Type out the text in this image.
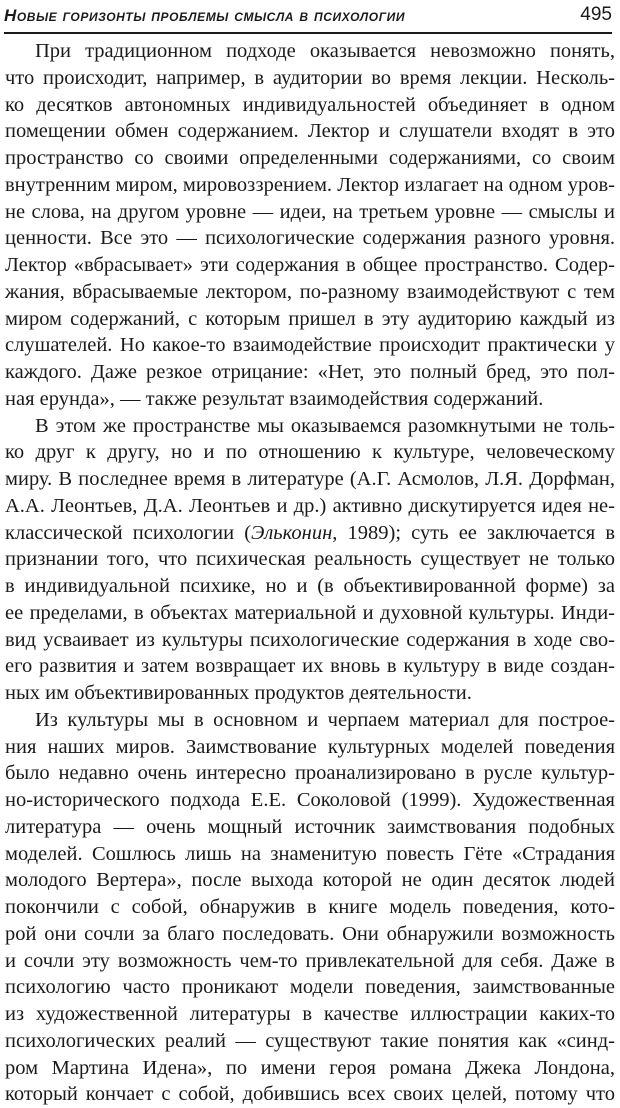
Новые горизонты проблемы смысла в психологии	495
При традиционном подходе оказывается невозможно понять,
что происходит, например, в аудитории во время лекции. Несколь-
ко десятков автономных индивидуальностей объединяет в одном
помещении обмен содержанием. Лектор и слушатели входят в это
пространство со своими определенными содержаниями, со своим
внутренним миром, мировоззрением. Лектор излагает на одном уров-
не слова, на другом уровне — идеи, на третьем уровне — смыслы и
ценности. Все это — психологические содержания разного уровня.
Лектор «вбрасывает» эти содержания в общее пространство. Содер-
жания, вбрасываемые лектором, по-разному взаимодействуют с тем
миром содержаний, с которым пришел в эту аудиторию каждый из
слушателей. Но какое-то взаимодействие происходит практически у
каждого. Даже резкое отрицание: «Нет, это полный бред, это пол-
ная ерунда», — также результат взаимодействия содержаний.
В этом же пространстве мы оказываемся разомкнутыми не толь-
ко друг к другу, но и по отношению к культуре, человеческому
миру. В последнее время в литературе (А.Г. Асмолов, Л.Я. Дорфман,
А.А. Леонтьев, Д.А. Леонтьев и др.) активно дискутируется идея не-
классической психологии (Эльконин, 1989); суть ее заключается в
признании того, что психическая реальность существует не только
в индивидуальной психике, но и (в объективированной форме) за
ее пределами, в объектах материальной и духовной культуры. Инди-
вид усваивает из культуры психологические содержания в ходе сво-
его развития и затем возвращает их вновь в культуру в виде создан-
ных им объективированных продуктов деятельности.
Из культуры мы в основном и черпаем материал для построе-
ния наших миров. Заимствование культурных моделей поведения
было недавно очень интересно проанализировано в русле культур-
но-исторического подхода Е.Е. Соколовой (1999). Художественная
литература — очень мощный источник заимствования подобных
моделей. Сошлюсь лишь на знаменитую повесть Гёте «Страдания
молодого Вертера», после выхода которой не один десяток людей
покончили с собой, обнаружив в книге модель поведения, кото-
рой они сочли за благо последовать. Они обнаружили возможность
и сочли эту возможность чем-то привлекательной для себя. Даже в
психологию часто проникают модели поведения, заимствованные
из художественной литературы в качестве иллюстрации каких-то
психологических реалий — существуют такие понятия как «синд-
ром Мартина Идена», по имени героя романа Джека Лондона,
который кончает с собой, добившись всех своих целей, потому что
